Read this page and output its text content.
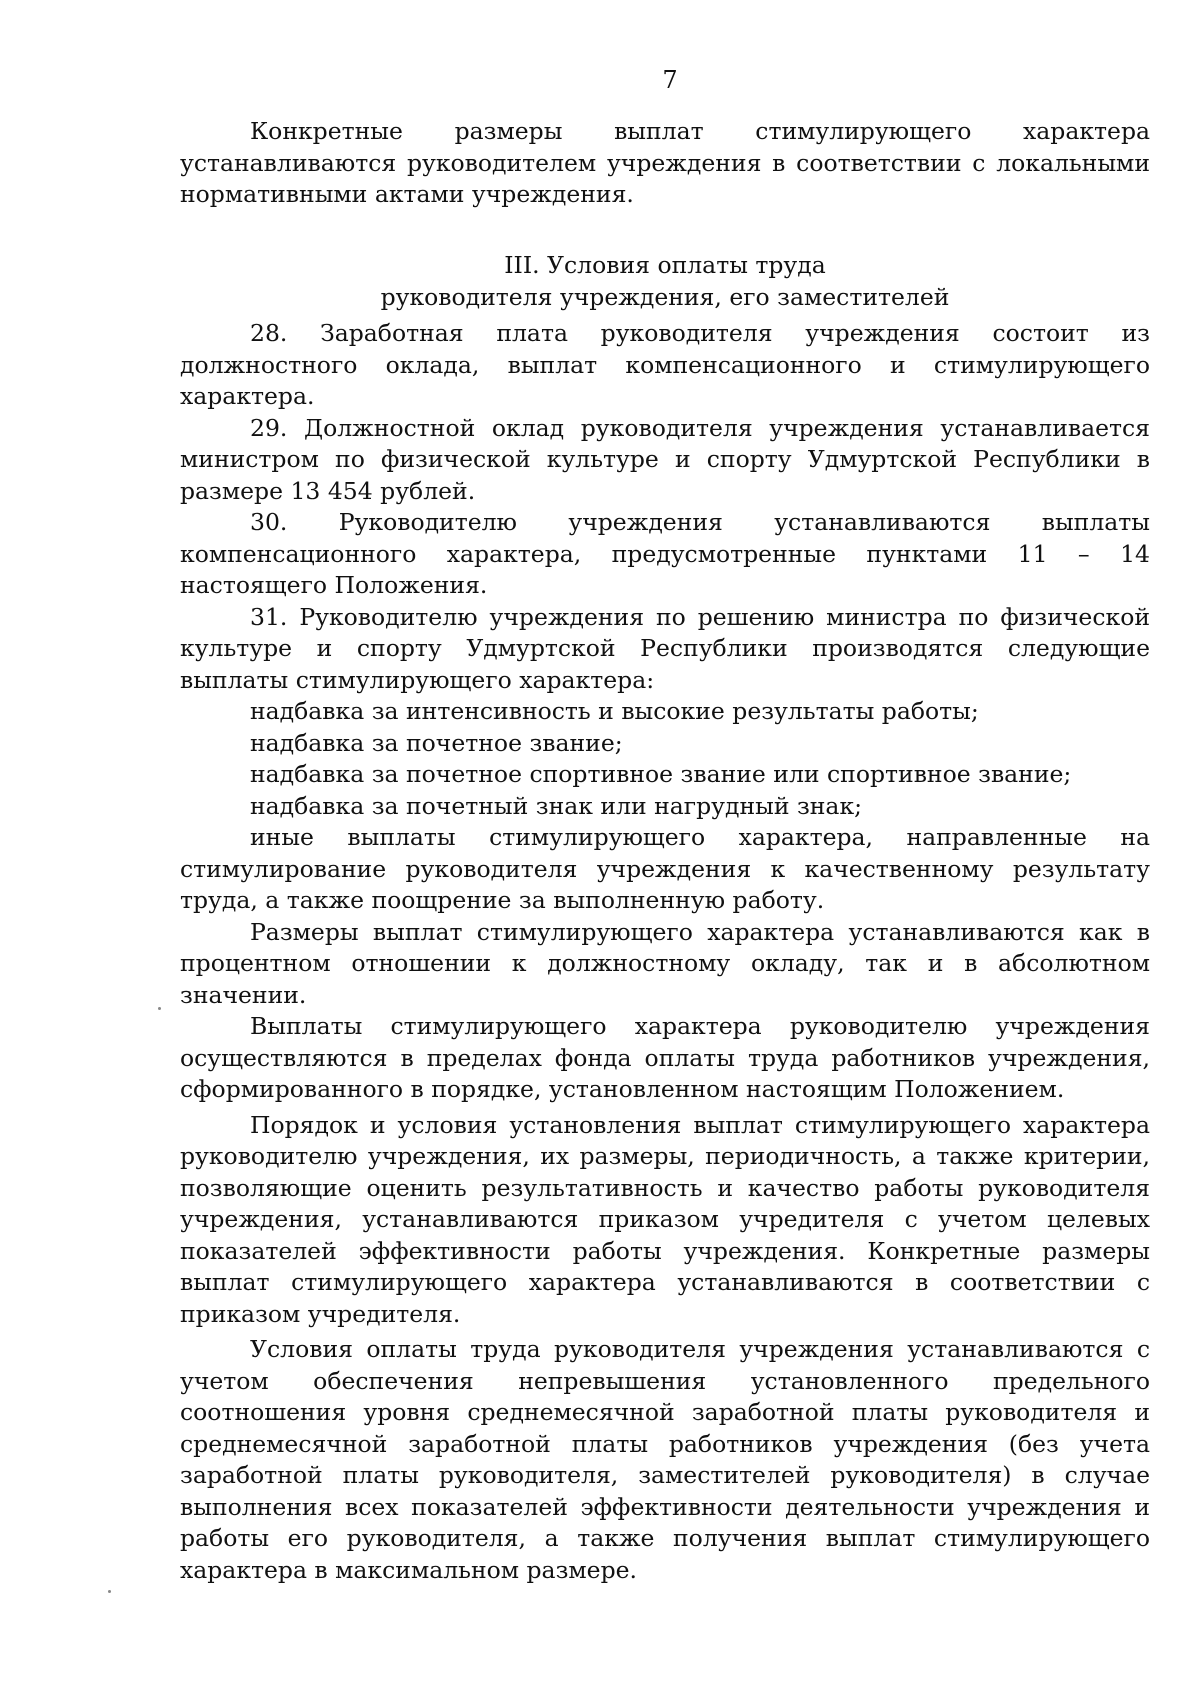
7

Конкретные размеры выплат стимулирующего характера устанавливаются руководителем учреждения в соответствии с локальными нормативными актами учреждения.

III. Условия оплаты труда
руководителя учреждения, его заместителей

28. Заработная плата руководителя учреждения состоит из должностного оклада, выплат компенсационного и стимулирующего характера.

29. Должностной оклад руководителя учреждения устанавливается министром по физической культуре и спорту Удмуртской Республики в размере 13 454 рублей.

30. Руководителю учреждения устанавливаются выплаты компенсационного характера, предусмотренные пунктами 11 – 14 настоящего Положения.

31. Руководителю учреждения по решению министра по физической культуре и спорту Удмуртской Республики производятся следующие выплаты стимулирующего характера:

надбавка за интенсивность и высокие результаты работы;

надбавка за почетное звание;

надбавка за почетное спортивное звание или спортивное звание;

надбавка за почетный знак или нагрудный знак;

иные выплаты стимулирующего характера, направленные на стимулирование руководителя учреждения к качественному результату труда, а также поощрение за выполненную работу.

Размеры выплат стимулирующего характера устанавливаются как в процентном отношении к должностному окладу, так и в абсолютном значении.

Выплаты стимулирующего характера руководителю учреждения осуществляются в пределах фонда оплаты труда работников учреждения, сформированного в порядке, установленном настоящим Положением.

Порядок и условия установления выплат стимулирующего характера руководителю учреждения, их размеры, периодичность, а также критерии, позволяющие оценить результативность и качество работы руководителя учреждения, устанавливаются приказом учредителя с учетом целевых показателей эффективности работы учреждения. Конкретные размеры выплат стимулирующего характера устанавливаются в соответствии с приказом учредителя.

Условия оплаты труда руководителя учреждения устанавливаются с учетом обеспечения непревышения установленного предельного соотношения уровня среднемесячной заработной платы руководителя и среднемесячной заработной платы работников учреждения (без учета заработной платы руководителя, заместителей руководителя) в случае выполнения всех показателей эффективности деятельности учреждения и работы его руководителя, а также получения выплат стимулирующего характера в максимальном размере.
